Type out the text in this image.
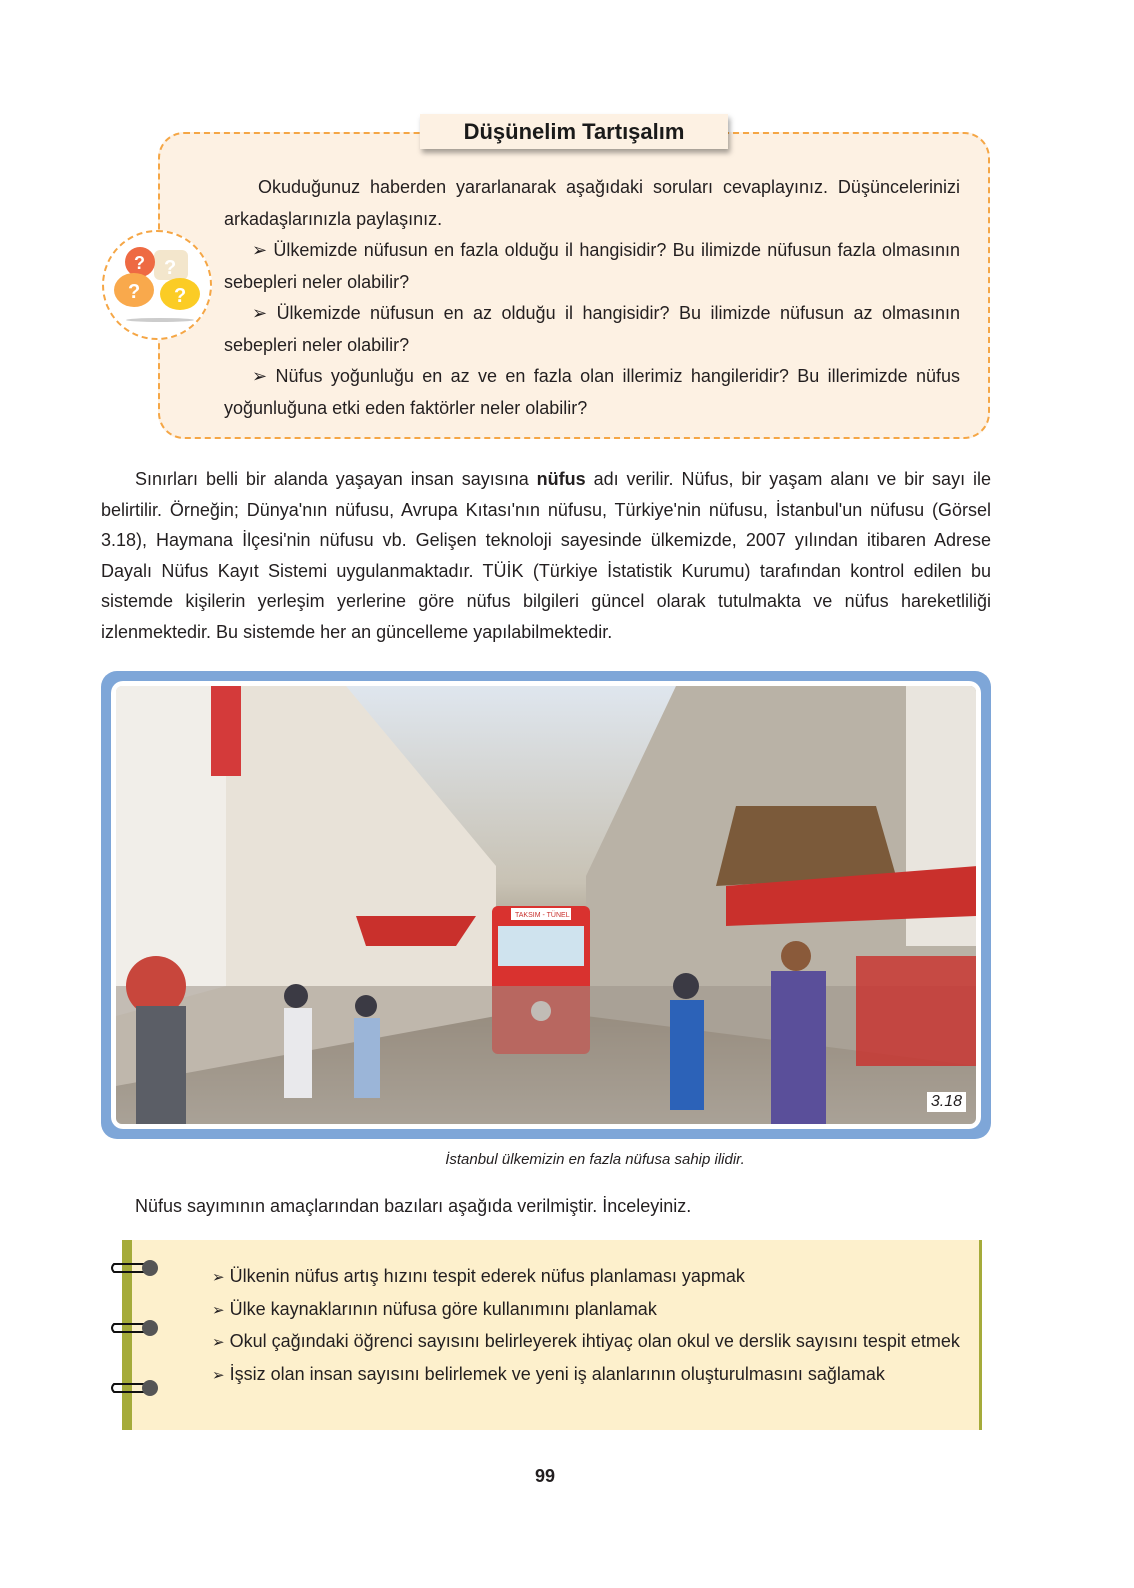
Düşünelim Tartışalım
?
?
? ?

Okuduğunuz haberden yararlanarak aşağıdaki soruları cevaplayınız. Düşüncelerinizi arkadaşlarınızla paylaşınız.

➢ Ülkemizde nüfusun en fazla olduğu il hangisidir? Bu ilimizde nüfusun fazla olmasının sebepleri neler olabilir?

➢ Ülkemizde nüfusun en az olduğu il hangisidir? Bu ilimizde nüfusun az olmasının sebepleri neler olabilir?

➢ Nüfus yoğunluğu en az ve en fazla olan illerimiz hangileridir? Bu illerimizde nüfus yoğunluğuna etki eden faktörler neler olabilir?

Sınırları belli bir alanda yaşayan insan sayısına nüfus adı verilir. Nüfus, bir yaşam alanı ve bir sayı ile belirtilir. Örneğin; Dünya'nın nüfusu, Avrupa Kıtası'nın nüfusu, Türkiye'nin nüfusu, İstanbul'un nüfusu (Görsel 3.18), Haymana İlçesi'nin nüfusu vb. Gelişen teknoloji sayesinde ülkemizde, 2007 yılından itibaren Adrese Dayalı Nüfus Kayıt Sistemi uygulanmaktadır. TÜİK (Türkiye İstatistik Kurumu) tarafından kontrol edilen bu sistemde kişilerin yerleşim yerlerine göre nüfus bilgileri güncel olarak tutulmakta ve nüfus hareketliliği izlenmektedir. Bu sistemde her an güncelleme yapılabilmektedir.

TAKSIM - TÜNEL
3.18

İstanbul ülkemizin en fazla nüfusa sahip ilidir.

Nüfus sayımının amaçlarından bazıları aşağıda verilmiştir. İnceleyiniz.

➢ Ülkenin nüfus artış hızını tespit ederek nüfus planlaması yapmak

➢ Ülke kaynaklarının nüfusa göre kullanımını planlamak

➢ Okul çağındaki öğrenci sayısını belirleyerek ihtiyaç olan okul ve derslik sayısını tespit etmek

➢ İşsiz olan insan sayısını belirlemek ve yeni iş alanlarının oluşturulmasını sağlamak

99
